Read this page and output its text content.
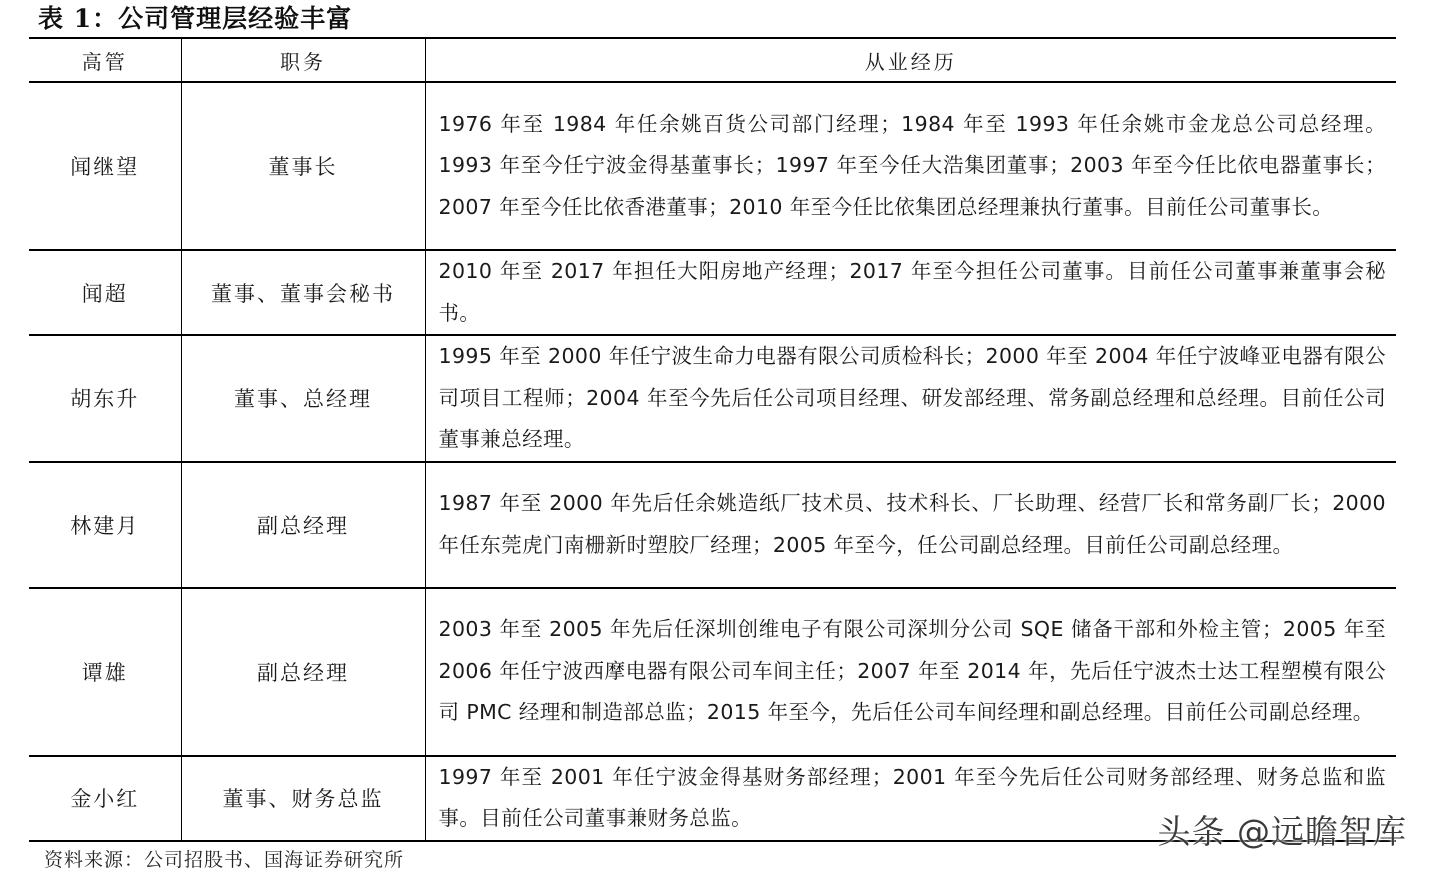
表 1：公司管理层经验丰富
高管	职务	从业经历
闻继望	董事长	1976 年至 1984 年任余姚百货公司部门经理；1984 年至 1993 年任余姚市金龙总公司总经理。1993 年至今任宁波金得基董事长；1997 年至今任大浩集团董事；2003 年至今任比依电器董事长；2007 年至今任比依香港董事；2010 年至今任比依集团总经理兼执行董事。目前任公司董事长。
闻超	董事、董事会秘书	2010 年至 2017 年担任大阳房地产经理；2017 年至今担任公司董事。目前任公司董事兼董事会秘书。
胡东升	董事、总经理	1995 年至 2000 年任宁波生命力电器有限公司质检科长；2000 年至 2004 年任宁波峰亚电器有限公司项目工程师；2004 年至今先后任公司项目经理、研发部经理、常务副总经理和总经理。目前任公司董事兼总经理。
林建月	副总经理	1987 年至 2000 年先后任余姚造纸厂技术员、技术科长、厂长助理、经营厂长和常务副厂长；2000 年任东莞虎门南栅新时塑胶厂经理；2005 年至今，任公司副总经理。目前任公司副总经理。
谭雄	副总经理	2003 年至 2005 年先后任深圳创维电子有限公司深圳分公司 SQE 储备干部和外检主管；2005 年至 2006 年任宁波西摩电器有限公司车间主任；2007 年至 2014 年，先后任宁波杰士达工程塑模有限公司 PMC 经理和制造部总监；2015 年至今，先后任公司车间经理和副总经理。目前任公司副总经理。
金小红	董事、财务总监	1997 年至 2001 年任宁波金得基财务部经理；2001 年至今先后任公司财务部经理、财务总监和监事。目前任公司董事兼财务总监。
资料来源：公司招股书、国海证券研究所
头条 @远瞻智库
